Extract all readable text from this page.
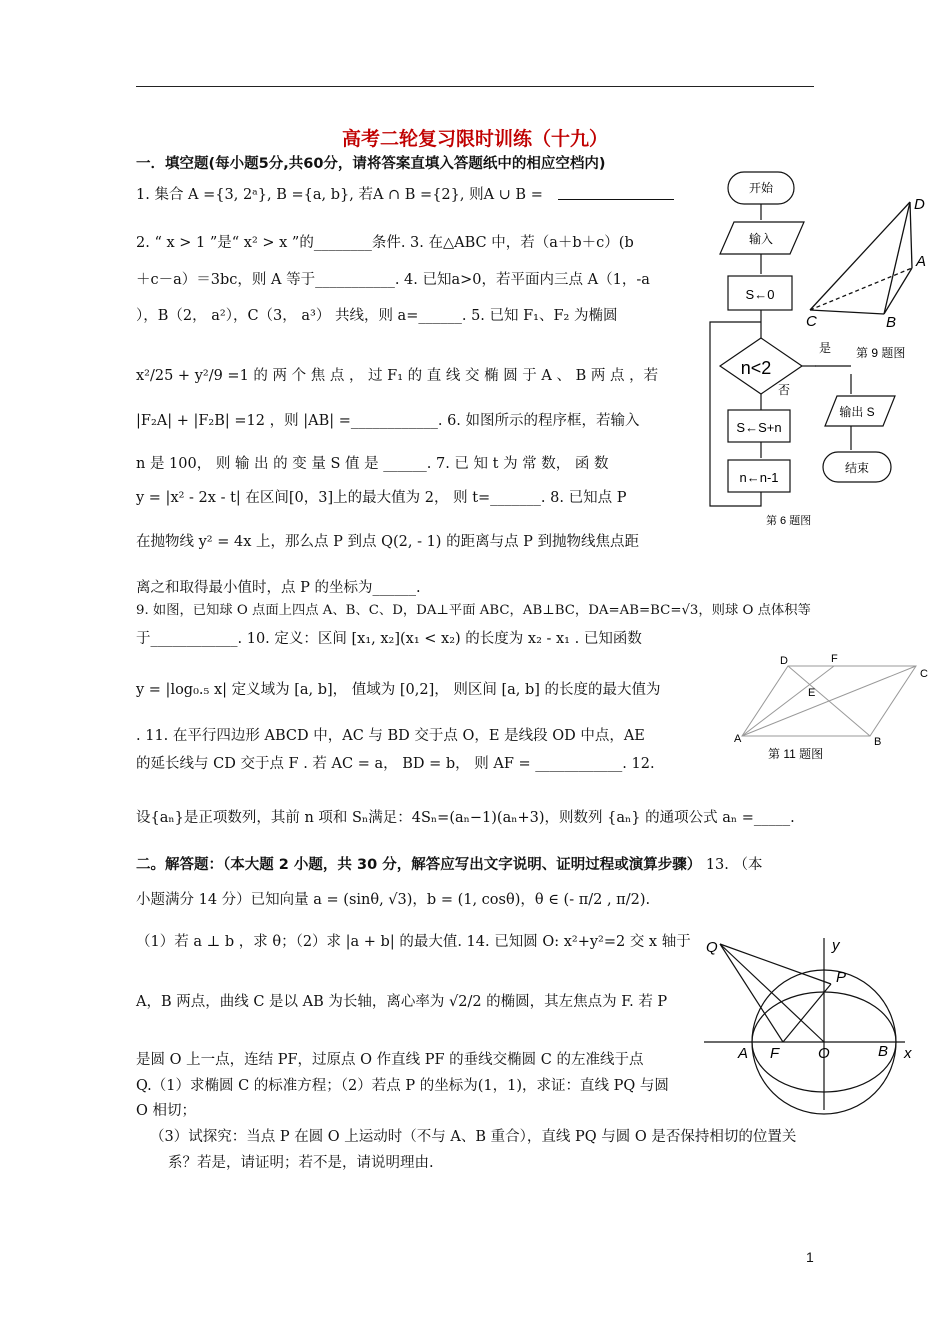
高考二轮复习限时训练（十九）
一．填空题(每小题5分,共60分，请将答案直填入答题纸中的相应空档内)
1. 集合 A ={3, 2ᵃ}, B ={a, b}, 若A ∩ B ={2}, 则A ∪ B =
2. “ x > 1 ”是“ x² > x ”的________条件. 3. 在△ABC 中，若（a＋b＋c）(b
＋c－a）＝3bc，则 A 等于___________. 4. 已知a>0，若平面内三点 A（1，-a
），B（2， a²），C（3， a³） 共线，则 a=______. 5. 已知 F₁、F₂ 为椭圆
x²/25 + y²/9 =1 的 两 个 焦 点 ， 过 F₁ 的 直 线 交 椭 圆 于 A 、 B 两 点 ，若
|F₂A| + |F₂B| =12 ，则 |AB| =____________. 6. 如图所示的程序框，若输入
n 是 100， 则 输 出 的 变 量 S 值 是 ______. 7. 已 知 t 为 常 数， 函 数
y = |x² - 2x - t| 在区间[0，3]上的最大值为 2， 则 t=_______. 8. 已知点 P
在抛物线 y² = 4x 上，那么点 P 到点 Q(2, - 1) 的距离与点 P 到抛物线焦点距
离之和取得最小值时，点 P 的坐标为______.
9. 如图，已知球 O 点面上四点 A、B、C、D，DA⊥平面 ABC，AB⊥BC，DA=AB=BC=√3，则球 O 点体积等
于____________. 10. 定义：区间 [x₁, x₂](x₁ < x₂) 的长度为 x₂ - x₁ . 已知函数
y = |log₀.₅ x| 定义域为 [a, b]， 值域为 [0,2]， 则区间 [a, b] 的长度的最大值为
. 11. 在平行四边形 ABCD 中，AC 与 BD 交于点 O，E 是线段 OD 中点，AE
的延长线与 CD 交于点 F . 若 AC = a， BD = b， 则 AF = ____________. 12.
设{aₙ}是正项数列，其前 n 项和 Sₙ满足：4Sₙ=(aₙ−1)(aₙ+3)，则数列 {aₙ} 的通项公式 aₙ =_____.
二。解答题：（本大题 2 小题，共 30 分，解答应写出文字说明、证明过程或演算步骤） 13. （本
小题满分 14 分）已知向量 a = (sinθ, √3)，b = (1, cosθ)，θ ∈ (- π/2 , π/2).
（1）若 a ⊥ b ，求 θ；（2）求 |a + b| 的最大值. 14. 已知圆 O: x²+y²=2 交 x 轴于
A，B 两点，曲线 C 是以 AB 为长轴，离心率为 √2/2 的椭圆，其左焦点为 F. 若 P
是圆 O 上一点，连结 PF，过原点 O 作直线 PF 的垂线交椭圆 C 的左准线于点
Q.（1）求椭圆 C 的标准方程；（2）若点 P 的坐标为(1，1)，求证：直线 PQ 与圆
O 相切；
（3）试探究：当点 P 在圆 O 上运动时（不与 A、B 重合），直线 PQ 与圆 O 是否保持相切的位置关
系？若是，请证明；若不是，请说明理由.
开始
输入
S←0
n<2
否
S←S+n
n←n-1
第 6 题图
是
输出 S
结束
D
A
C	B
第 9 题图
D	F
C
E
A	B
第 11 题图
Q	y
P
A F	O	B x
1
